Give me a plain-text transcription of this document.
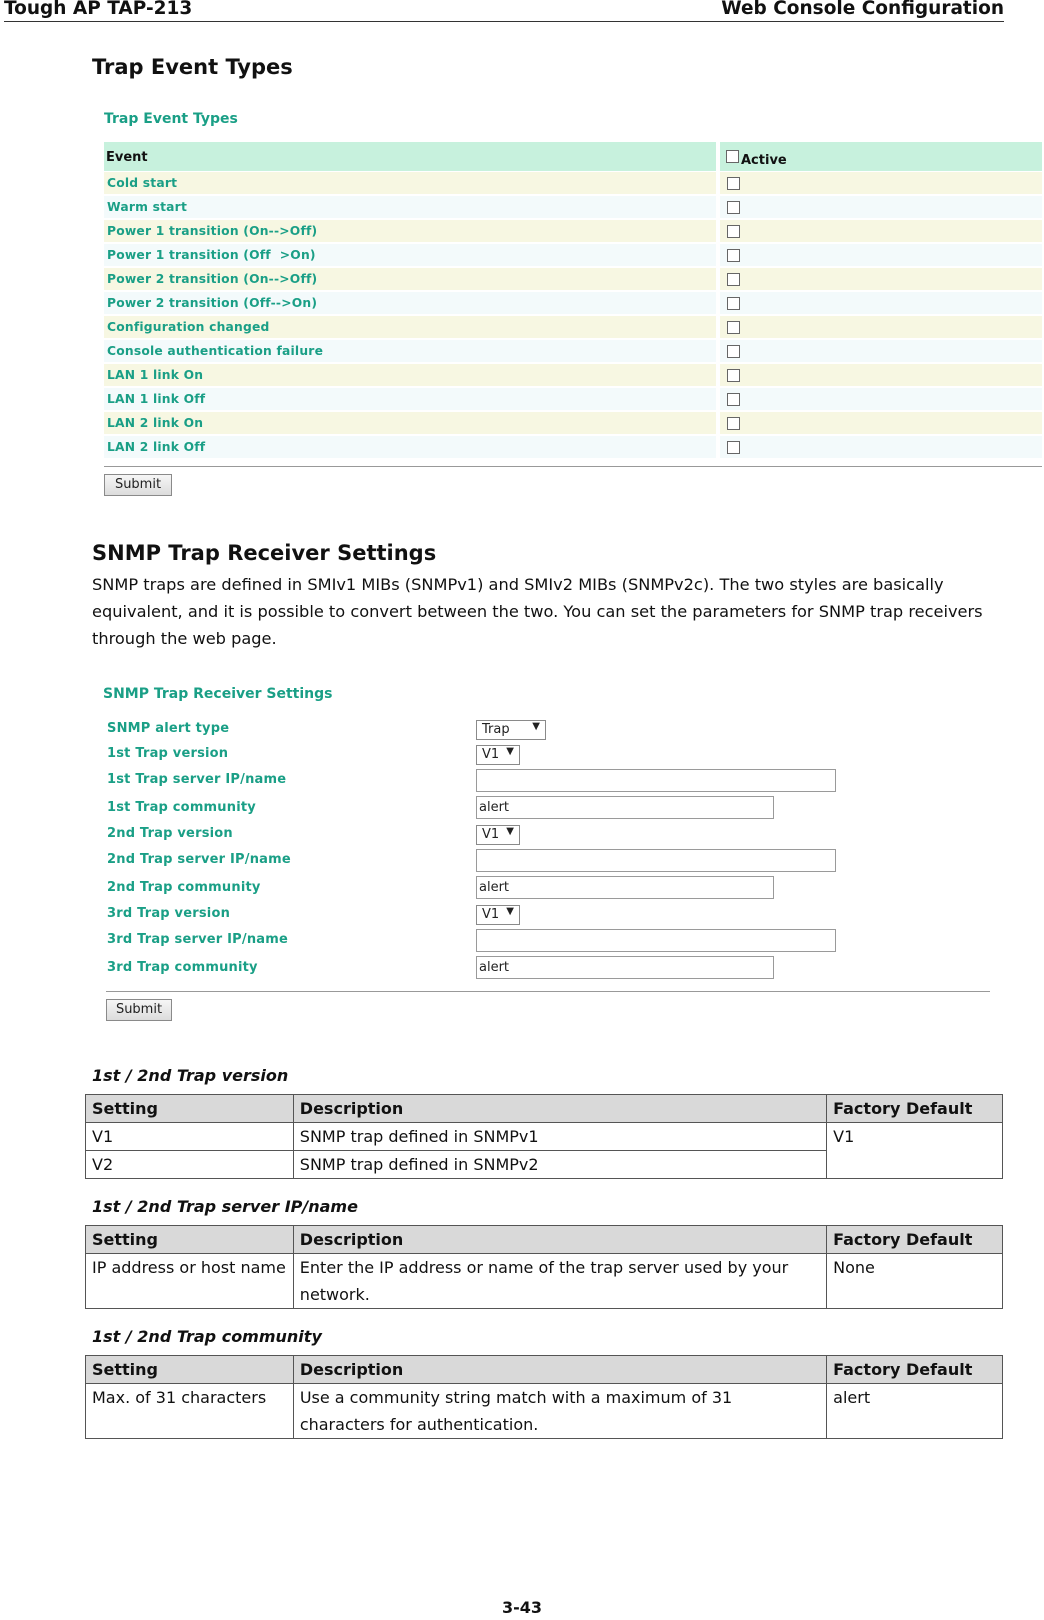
Tough AP TAP-213	Web Console Configuration
Trap Event Types
Trap Event Types
Event	Active
Cold start
Warm start
Power 1 transition (On-->Off)
Power 1 transition (Off  >On)
Power 2 transition (On-->Off)
Power 2 transition (Off-->On)
Configuration changed
Console authentication failure
LAN 1 link On
LAN 1 link Off
LAN 2 link On
LAN 2 link Off
Submit
SNMP Trap Receiver Settings
SNMP traps are defined in SMIv1 MIBs (SNMPv1) and SMIv2 MIBs (SNMPv2c). The two styles are basically equivalent, and it is possible to convert between the two. You can set the parameters for SNMP trap receivers through the web page.
SNMP Trap Receiver Settings
SNMP alert type	Trap ▼
1st Trap version	V1 ▼
1st Trap server IP/name
1st Trap community	alert
2nd Trap version	V1 ▼
2nd Trap server IP/name
2nd Trap community	alert
3rd Trap version	V1 ▼
3rd Trap server IP/name
3rd Trap community	alert
Submit
1st / 2nd Trap version
Setting	Description	Factory Default
V1	SNMP trap defined in SNMPv1	V1
V2	SNMP trap defined in SNMPv2	
1st / 2nd Trap server IP/name
Setting	Description	Factory Default
IP address or host name	Enter the IP address or name of the trap server used by your network.	None
1st / 2nd Trap community
Setting	Description	Factory Default
Max. of 31 characters	Use a community string match with a maximum of 31 characters for authentication.	alert
3-43
